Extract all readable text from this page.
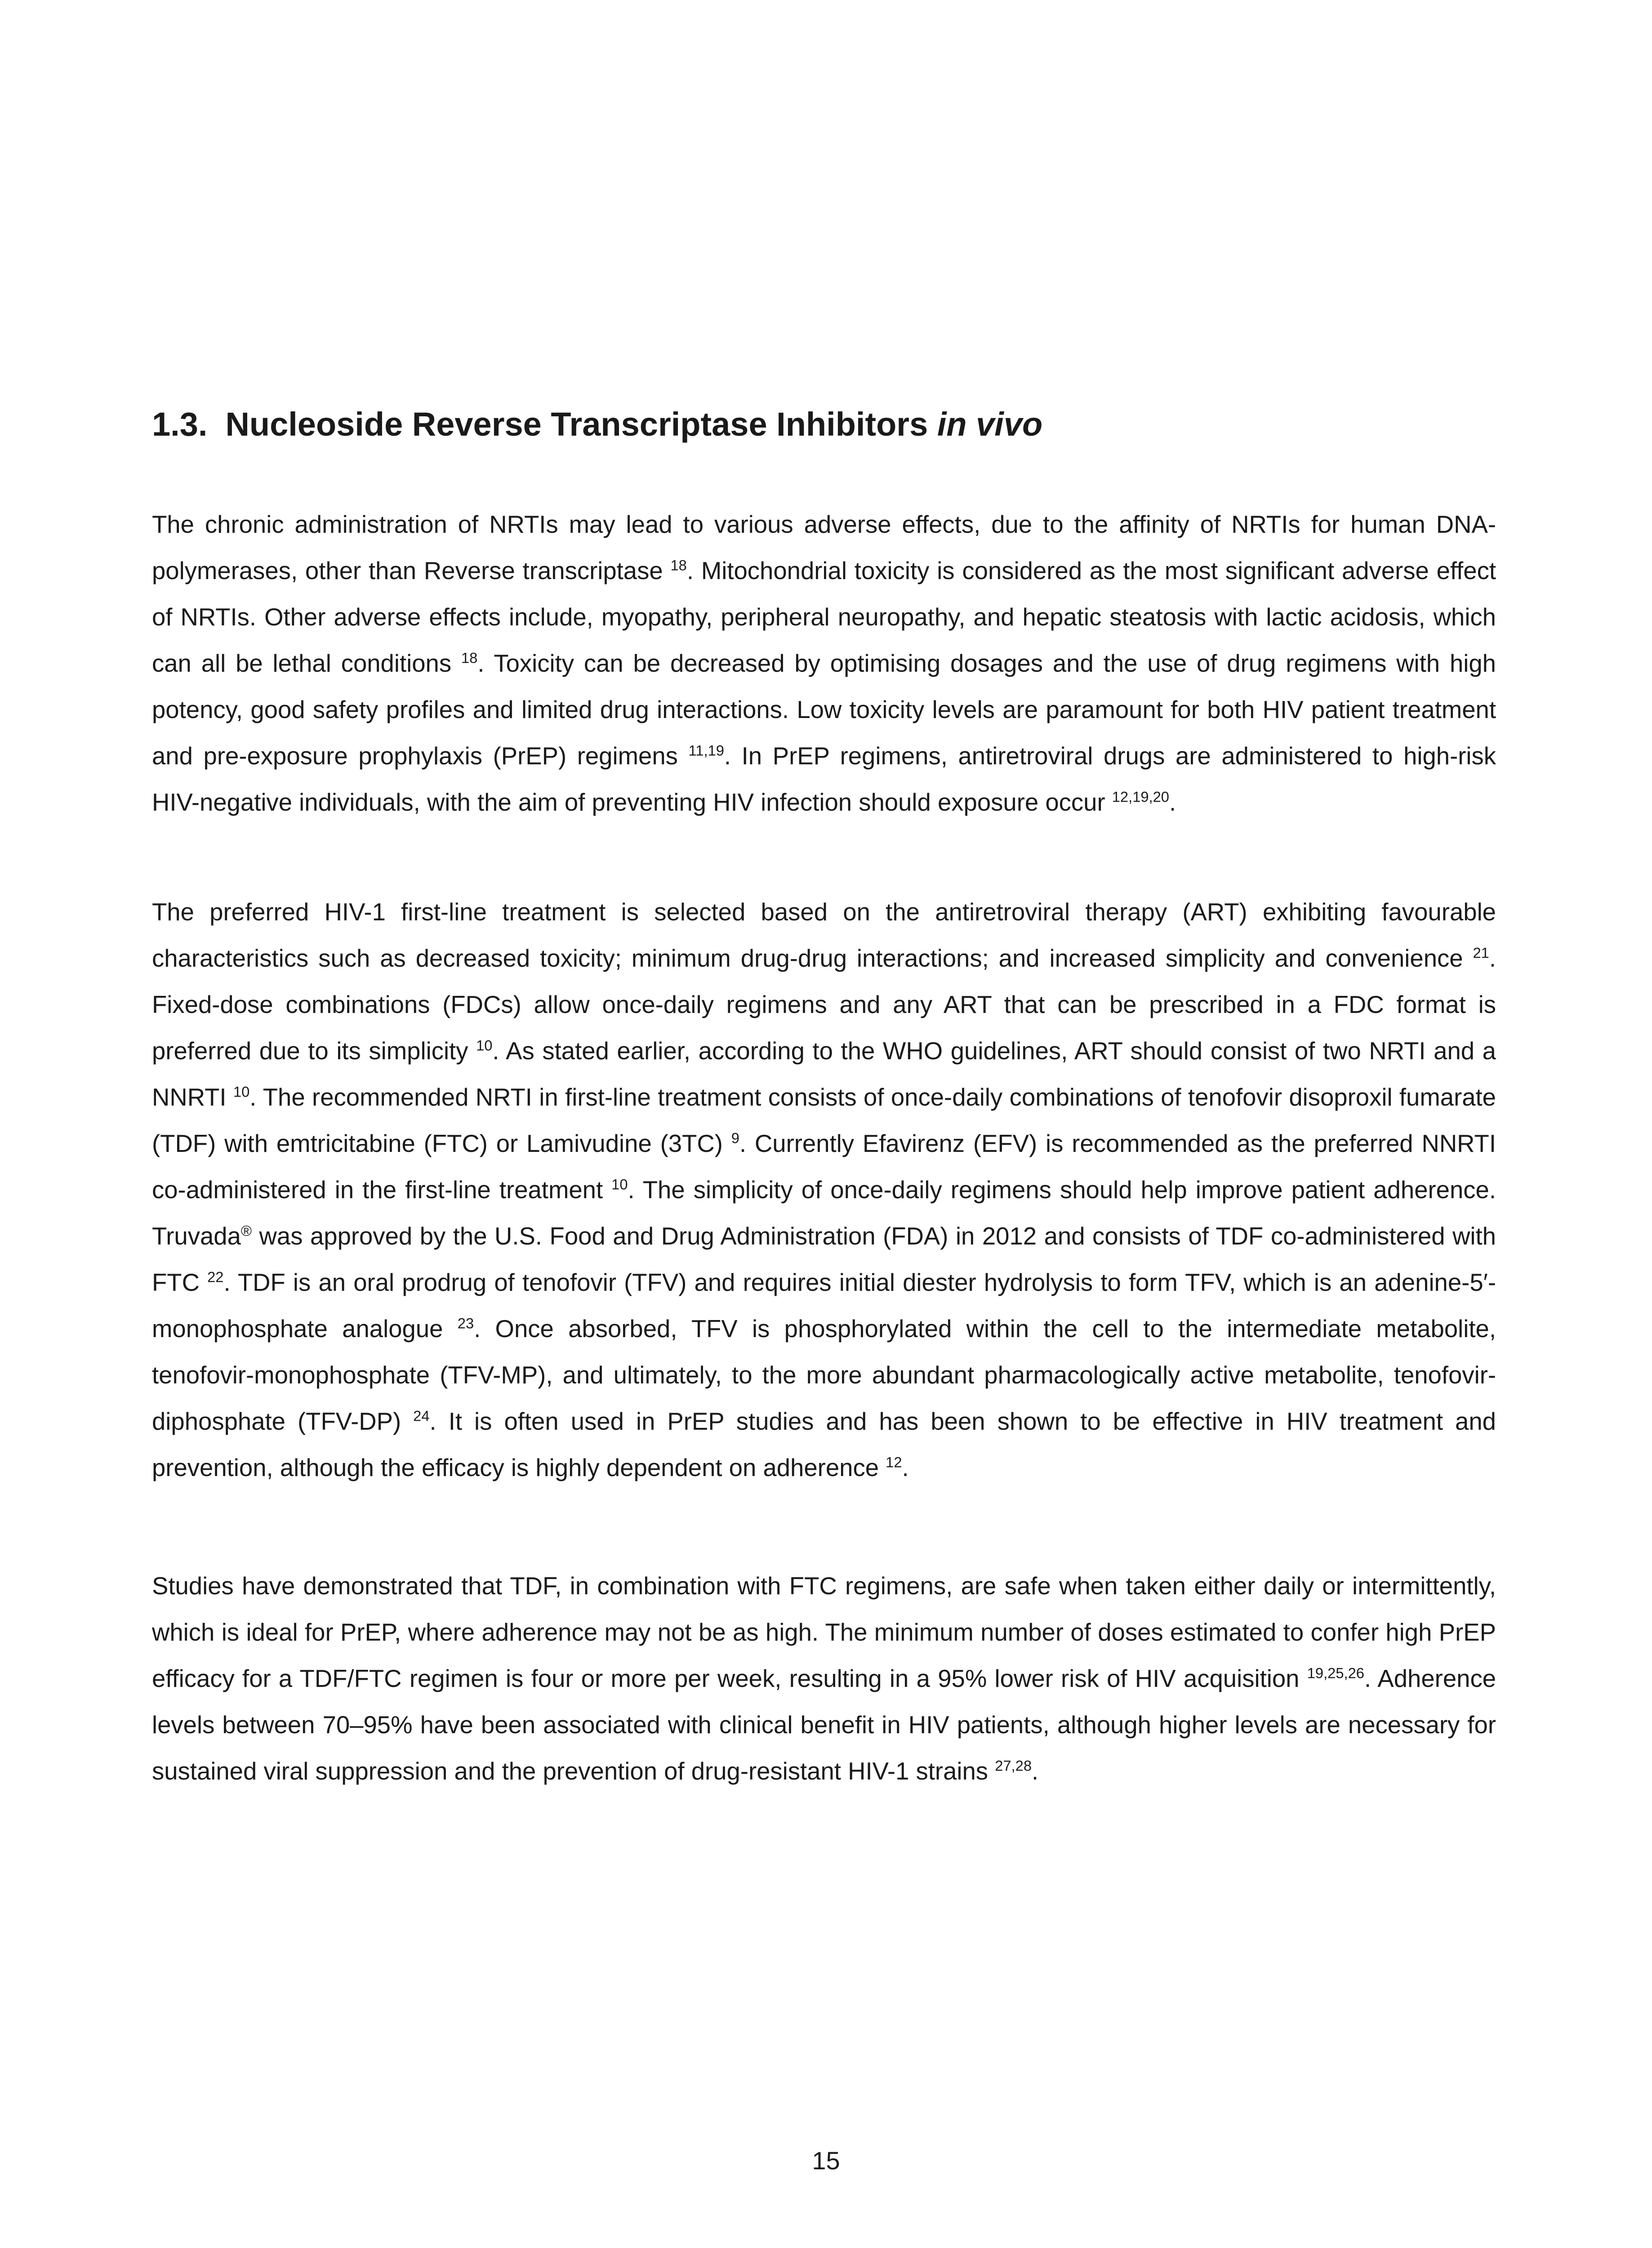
1.3. Nucleoside Reverse Transcriptase Inhibitors in vivo

The chronic administration of NRTIs may lead to various adverse effects, due to the affinity of NRTIs for human DNA-polymerases, other than Reverse transcriptase $^{18}$. Mitochondrial toxicity is considered as the most significant adverse effect of NRTIs. Other adverse effects include, myopathy, peripheral neuropathy, and hepatic steatosis with lactic acidosis, which can all be lethal conditions $^{18}$. Toxicity can be decreased by optimising dosages and the use of drug regimens with high potency, good safety profiles and limited drug interactions. Low toxicity levels are paramount for both HIV patient treatment and pre-exposure prophylaxis (PrEP) regimens $^{11,19}$. In PrEP regimens, antiretroviral drugs are administered to high-risk HIV-negative individuals, with the aim of preventing HIV infection should exposure occur $^{12,19,20}$.

The preferred HIV-1 first-line treatment is selected based on the antiretroviral therapy (ART) exhibiting favourable characteristics such as decreased toxicity; minimum drug-drug interactions; and increased simplicity and convenience $^{21}$. Fixed-dose combinations (FDCs) allow once-daily regimens and any ART that can be prescribed in a FDC format is preferred due to its simplicity $^{10}$. As stated earlier, according to the WHO guidelines, ART should consist of two NRTI and a NNRTI $^{10}$. The recommended NRTI in first-line treatment consists of once-daily combinations of tenofovir disoproxil fumarate (TDF) with emtricitabine (FTC) or Lamivudine (3TC) $^9$. Currently Efavirenz (EFV) is recommended as the preferred NNRTI co-administered in the first-line treatment $^{10}$. The simplicity of once-daily regimens should help improve patient adherence. Truvada® was approved by the U.S. Food and Drug Administration (FDA) in 2012 and consists of TDF co-administered with FTC $^{22}$. TDF is an oral prodrug of tenofovir (TFV) and requires initial diester hydrolysis to form TFV, which is an adenine-5′-monophosphate analogue $^{23}$. Once absorbed, TFV is phosphorylated within the cell to the intermediate metabolite, tenofovir-monophosphate (TFV-MP), and ultimately, to the more abundant pharmacologically active metabolite, tenofovir-diphosphate (TFV-DP) $^{24}$. It is often used in PrEP studies and has been shown to be effective in HIV treatment and prevention, although the efficacy is highly dependent on adherence $^{12}$.

Studies have demonstrated that TDF, in combination with FTC regimens, are safe when taken either daily or intermittently, which is ideal for PrEP, where adherence may not be as high. The minimum number of doses estimated to confer high PrEP efficacy for a TDF/FTC regimen is four or more per week, resulting in a 95% lower risk of HIV acquisition $^{19,25,26}$. Adherence levels between 70–95% have been associated with clinical benefit in HIV patients, although higher levels are necessary for sustained viral suppression and the prevention of drug-resistant HIV-1 strains $^{27,28}$.

15
